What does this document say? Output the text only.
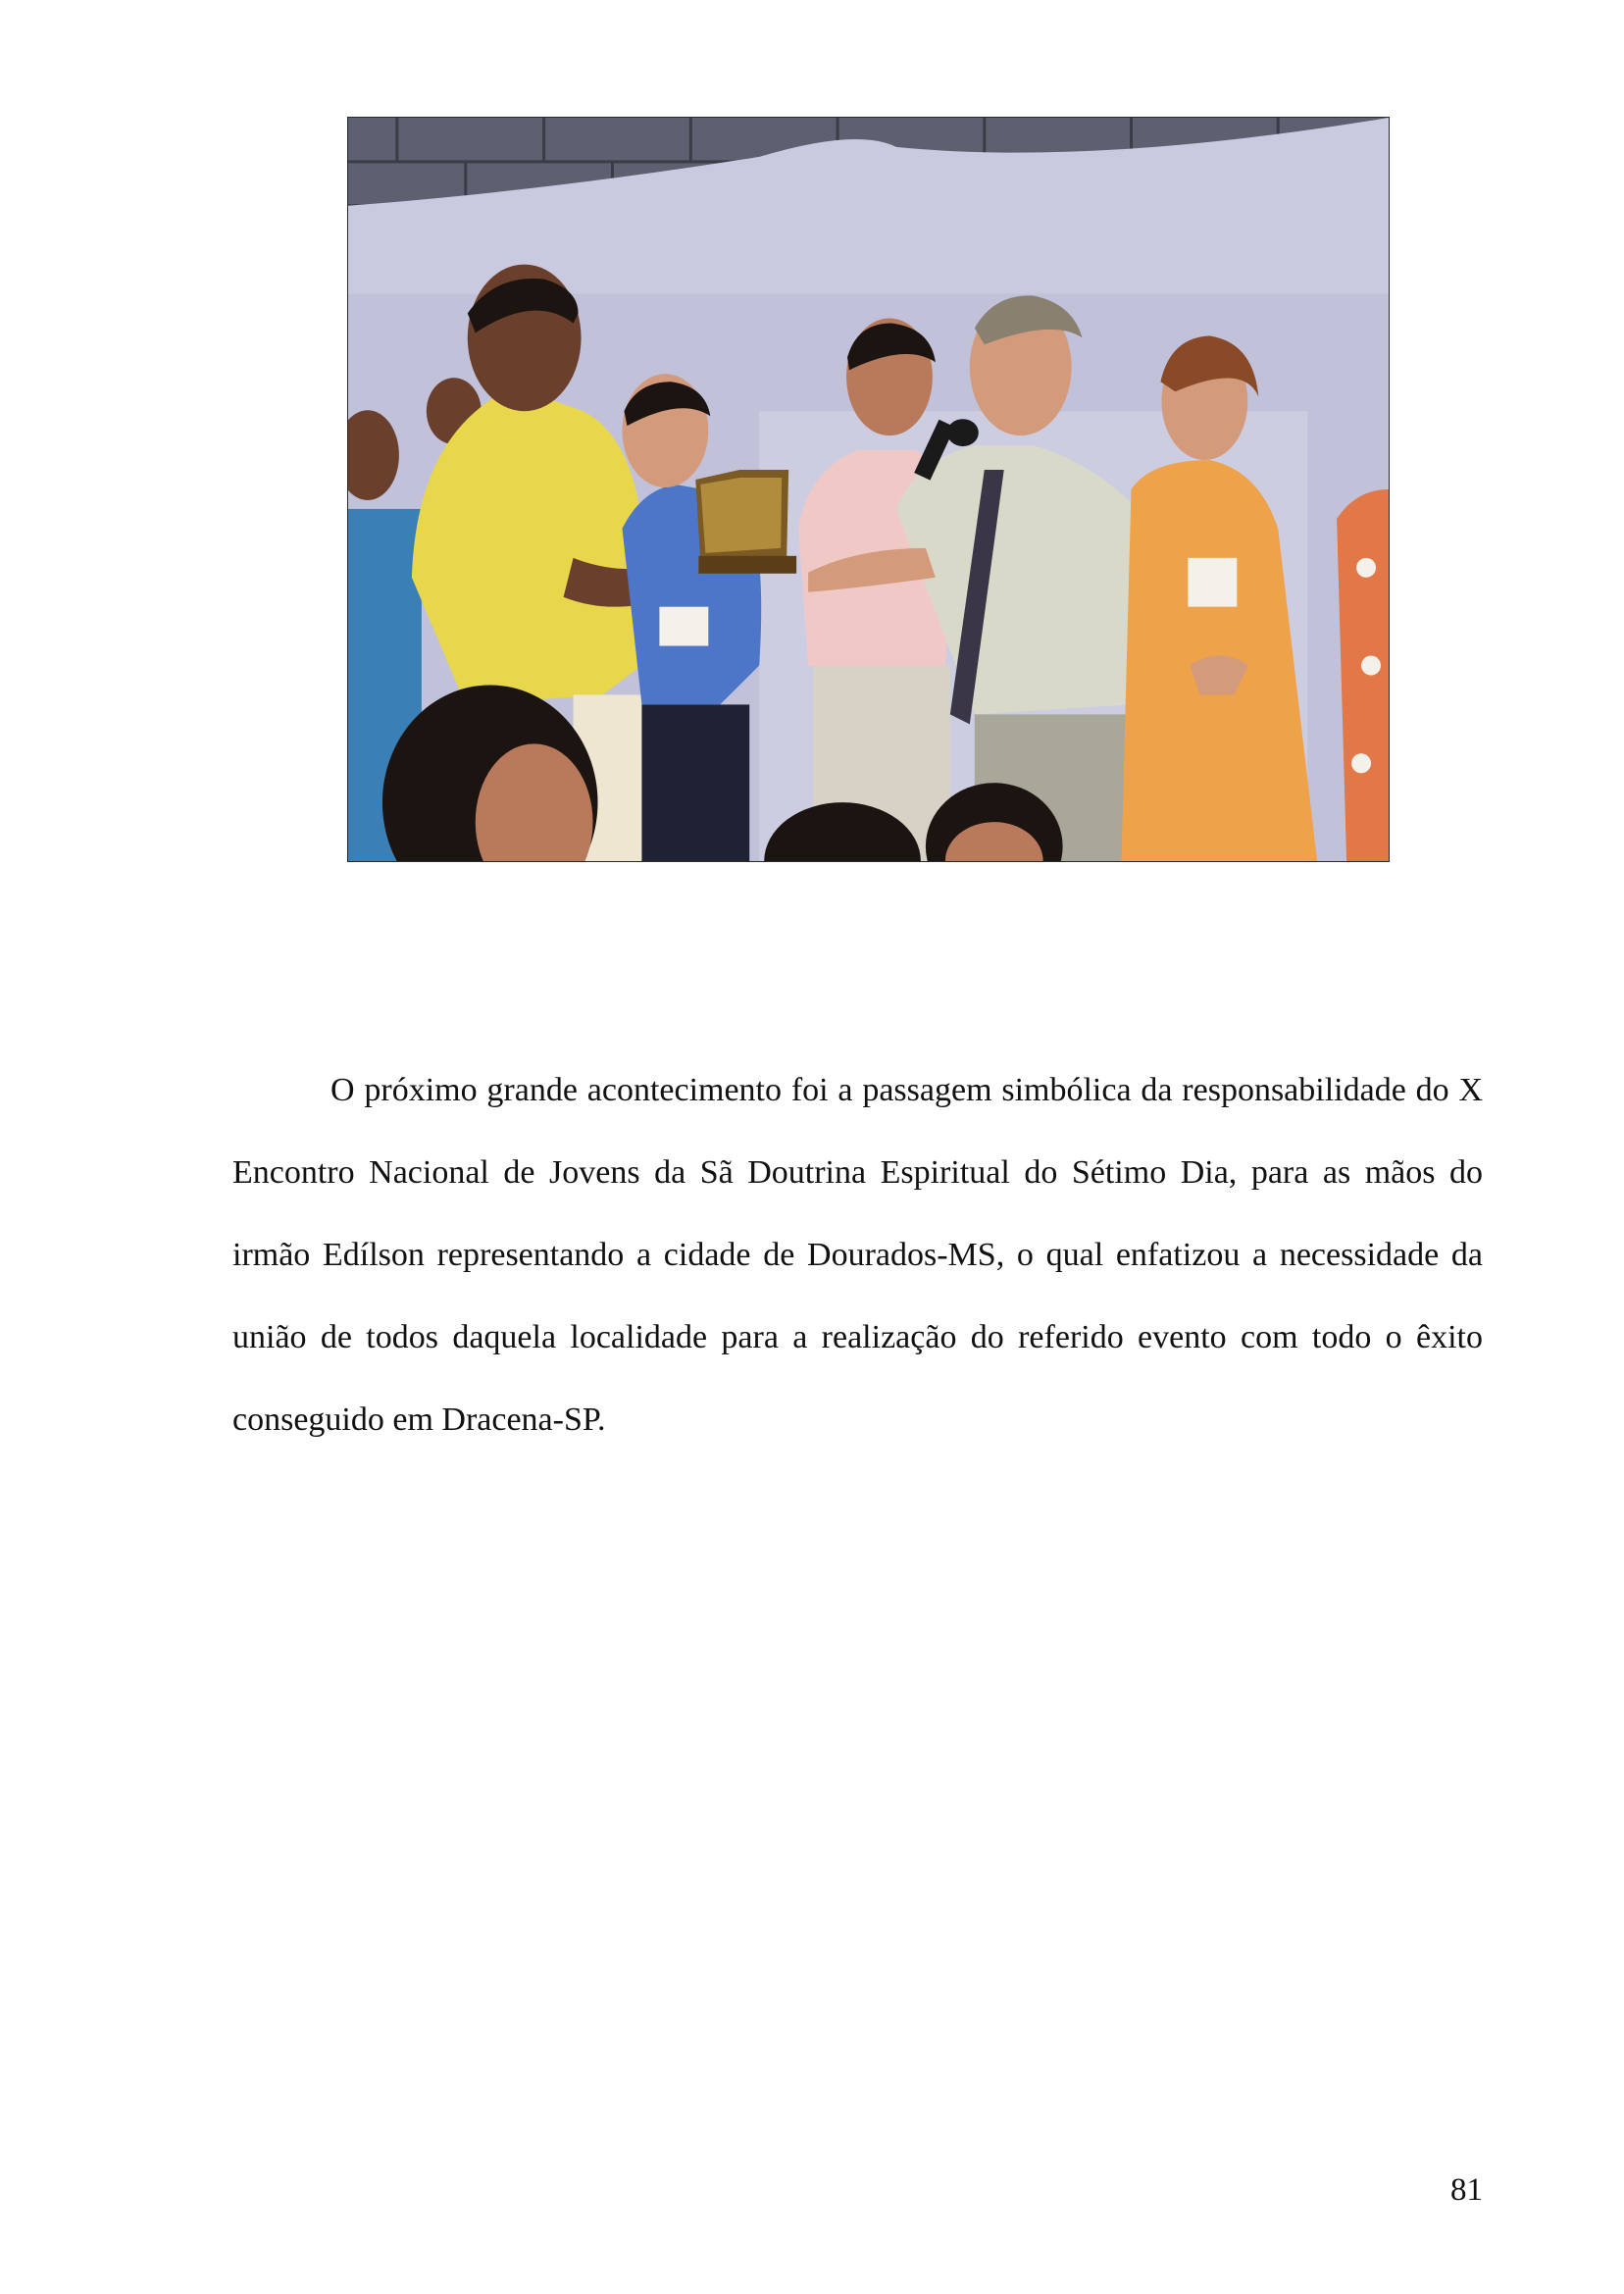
O próximo grande acontecimento foi a passagem simbólica da responsabilidade do X Encontro Nacional de Jovens da Sã Doutrina Espiritual do Sétimo Dia, para as mãos do irmão Edílson representando a cidade de Dourados-MS, o qual enfatizou a necessidade da união de todos daquela localidade para a realização do referido evento com todo o êxito conseguido em Dracena-SP.

81
